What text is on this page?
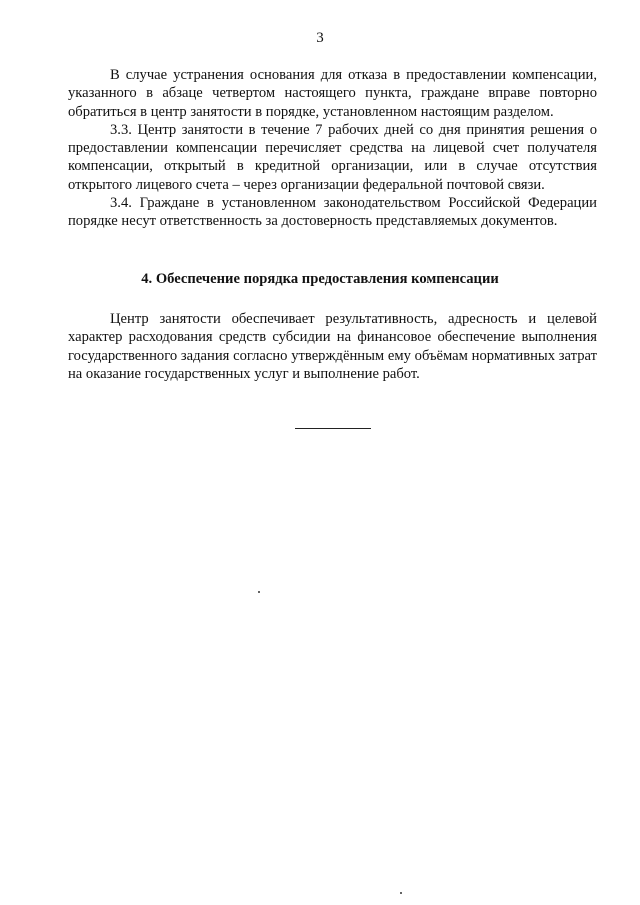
3

В случае устранения основания для отказа в предоставлении компенсации, указанного в абзаце четвертом настоящего пункта, граждане вправе повторно обратиться в центр занятости в порядке, установленном настоящим разделом.

3.3. Центр занятости в течение 7 рабочих дней со дня принятия решения о предоставлении компенсации перечисляет средства на лицевой счет получателя компенсации, открытый в кредитной организации, или в случае отсутствия открытого лицевого счета – через организации федеральной почтовой связи.

3.4. Граждане в установленном законодательством Российской Федерации порядке несут ответственность за достоверность представляемых документов.

4. Обеспечение порядка предоставления компенсации

Центр занятости обеспечивает результативность, адресность и целевой характер расходования средств субсидии на финансовое обеспечение выполнения государственного задания согласно утверждённым ему объёмам нормативных затрат на оказание государственных услуг и выполнение работ.
